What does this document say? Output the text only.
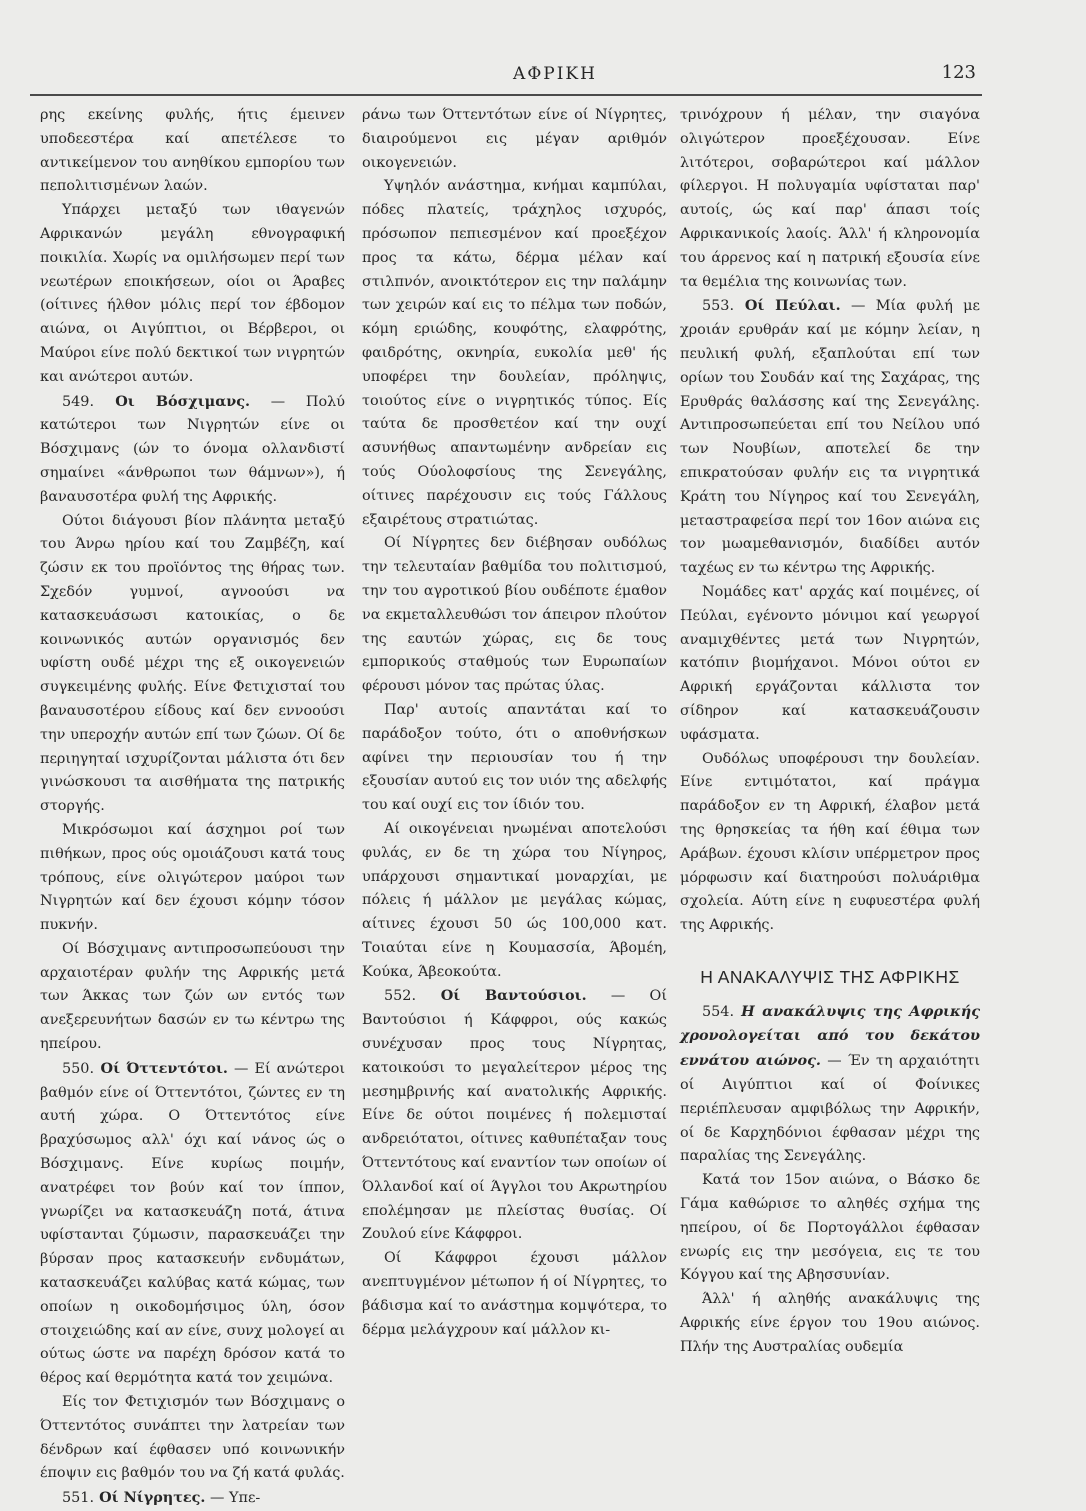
ΑΦΡΙΚΗ	123

ρης εκείνης φυλής, ήτις έμεινεν υποδεεστέρα καί απετέλεσε το αντικείμενον του ανηθίκου εμπορίου των πεπολιτισμένων λαών.

Υπάρχει μεταξύ των ιθαγενών Αφρικανών μεγάλη εθνογραφική ποικιλία. Χωρίς να ομιλήσωμεν περί των νεωτέρων εποικήσεων, οίοι οι Άραβες (οίτινες ήλθον μόλις περί τον έβδομον αιώνα, οι Αιγύπτιοι, οι Βέρβεροι, οι Μαύροι είνε πολύ δεκτικοί των νιγρητών και ανώτεροι αυτών.

549. Οι Βόσχιμανς. — Πολύ κατώτεροι των Νιγρητών είνε οι Βόσχιμανς (ών το όνομα ολλανδιστί σημαίνει «άνθρωποι των θάμνων»), ή βαναυσοτέρα φυλή της Αφρικής.

Ούτοι διάγουσι βίον πλάνητα μεταξύ του Άνρω ηρίου καί του Ζαμβέζη, καί ζώσιν εκ του προϊόντος της θήρας των. Σχεδόν γυμνοί, αγνοούσι να κατασκευάσωσι κατοικίας, ο δε κοινωνικός αυτών οργανισμός δεν υφίστη ουδέ μέχρι της εξ οικογενειών συγκειμένης φυλής. Είνε Φετιχισταί του βαναυσοτέρου είδους καί δεν εννοούσι την υπεροχήν αυτών επί των ζώων. Οί δε περιηγηταί ισχυρίζονται μάλιστα ότι δεν γινώσκουσι τα αισθήματα της πατρικής στοργής.

Μικρόσωμοι καί άσχημοι ροί των πιθήκων, προς ούς ομοιάζουσι κατά τους τρόπους, είνε ολιγώτερον μαύροι των Νιγρητών καί δεν έχουσι κόμην τόσον πυκνήν.

Οί Βόσχιμανς αντιπροσωπεύουσι την αρχαιοτέραν φυλήν της Αφρικής μετά των Άκκας των ζών ων εντός των ανεξερευνήτων δασών εν τω κέντρω της ηπείρου.

550. Οί Όττεντότοι. — Εί ανώτεροι βαθμόν είνε οί Όττεντότοι, ζώντες εν τη αυτή χώρα. Ο Όττεντότος είνε βραχύσωμος αλλ' όχι καί νάνος ώς ο Βόσχιμανς. Είνε κυρίως ποιμήν, ανατρέφει τον βούν καί τον ίππον, γνωρίζει να κατασκευάζη ποτά, άτινα υφίστανται ζύμωσιν, παρασκευάζει την βύρσαν προς κατασκευήν ενδυμάτων, κατασκευάζει καλύβας κατά κώμας, των οποίων η οικοδομήσιμος ύλη, όσον στοιχειώδης καί αν είνε, συνχ μολογεί αι ούτως ώστε να παρέχη δρόσον κατά το θέρος καί θερμότητα κατά τον χειμώνα.

Είς τον Φετιχισμόν των Βόσχιμανς ο Όττεντότος συνάπτει την λατρείαν των δένδρων καί έφθασεν υπό κοινωνικήν έποψιν εις βαθμόν του να ζή κατά φυλάς.

551. Οί Νίγρητες. — Υπε-

ράνω των Όττεντότων είνε οί Νίγρητες, διαιρούμενοι εις μέγαν αριθμόν οικογενειών.

Υψηλόν ανάστημα, κνήμαι καμπύλαι, πόδες πλατείς, τράχηλος ισχυρός, πρόσωπον πεπιεσμένον καί προεξέχον προς τα κάτω, δέρμα μέλαν καί στιλπνόν, ανοικτότερον εις την παλάμην των χειρών καί εις το πέλμα των ποδών, κόμη εριώδης, κουφότης, ελαφρότης, φαιδρότης, οκνηρία, ευκολία μεθ' ής υποφέρει την δουλείαν, πρόληψις, τοιούτος είνε ο νιγρητικός τύπος. Είς ταύτα δε προσθετέον καί την ουχί ασυνήθως απαντωμένην ανδρείαν εις τούς Ούολοφσίους της Σενεγάλης, οίτινες παρέχουσιν εις τούς Γάλλους εξαιρέτους στρατιώτας.

Οί Νίγρητες δεν διέβησαν ουδόλως την τελευταίαν βαθμίδα του πολιτισμού, την του αγροτικού βίου ουδέποτε έμαθον να εκμεταλλευθώσι τον άπειρον πλούτον της εαυτών χώρας, εις δε τους εμπορικούς σταθμούς των Ευρωπαίων φέρουσι μόνον τας πρώτας ύλας.

Παρ' αυτοίς απαντάται καί το παράδοξον τούτο, ότι ο αποθνήσκων αφίνει την περιουσίαν του ή την εξουσίαν αυτού εις τον υιόν της αδελφής του καί ουχί εις τον ίδιόν του.

Αί οικογένειαι ηνωμέναι αποτελούσι φυλάς, εν δε τη χώρα του Νίγηρος, υπάρχουσι σημαντικαί μοναρχίαι, με πόλεις ή μάλλον με μεγάλας κώμας, αίτινες έχουσι 50 ώς 100,000 κατ. Τοιαύται είνε η Κουμασσία, Άβομέη, Κούκα, Άβεοκούτα.

552. Οί Βαντούσιοι. — Οί Βαντούσιοι ή Κάφφροι, ούς κακώς συνέχυσαν προς τους Νίγρητας, κατοικούσι το μεγαλείτερον μέρος της μεσημβρινής καί ανατολικής Αφρικής. Είνε δε ούτοι ποιμένες ή πολεμισταί ανδρειότατοι, οίτινες καθυπέταξαν τους Όττεντότους καί εναντίον των οποίων οί Όλλανδοί καί οί Άγγλοι του Ακρωτηρίου επολέμησαν με πλείστας θυσίας. Οί Ζουλού είνε Κάφφροι.

Οί Κάφφροι έχουσι μάλλον ανεπτυγμένον μέτωπον ή οί Νίγρητες, το βάδισμα καί το ανάστημα κομψότερα, το δέρμα μελάγχρουν καί μάλλον κι-

τρινόχρουν ή μέλαν, την σιαγόνα ολιγώτερον προεξέχουσαν. Είνε λιτότεροι, σοβαρώτεροι καί μάλλον φίλεργοι. Η πολυγαμία υφίσταται παρ' αυτοίς, ώς καί παρ' άπασι τοίς Αφρικανικοίς λαοίς. Άλλ' ή κληρονομία του άρρενος καί η πατρική εξουσία είνε τα θεμέλια της κοινωνίας των.

553. Οί Πεύλαι. — Μία φυλή με χροιάν ερυθράν καί με κόμην λείαν, η πευλική φυλή, εξαπλούται επί των ορίων του Σουδάν καί της Σαχάρας, της Ερυθράς θαλάσσης καί της Σενεγάλης. Αντιπροσωπεύεται επί του Νείλου υπό των Νουβίων, αποτελεί δε την επικρατούσαν φυλήν εις τα νιγρητικά Κράτη του Νίγηρος καί του Σενεγάλη, μεταστραφείσα περί τον 16ον αιώνα εις τον μωαμεθανισμόν, διαδίδει αυτόν ταχέως εν τω κέντρω της Αφρικής.

Νομάδες κατ' αρχάς καί ποιμένες, οί Πεύλαι, εγένοντο μόνιμοι καί γεωργοί αναμιχθέντες μετά των Νιγρητών, κατόπιν βιομήχανοι. Μόνοι ούτοι εν Αφρική εργάζονται κάλλιστα τον σίδηρον καί κατασκευάζουσιν υφάσματα.

Ουδόλως υποφέρουσι την δουλείαν. Είνε εντιμότατοι, καί πράγμα παράδοξον εν τη Αφρική, έλαβον μετά της θρησκείας τα ήθη καί έθιμα των Αράβων. έχουσι κλίσιν υπέρμετρον προς μόρφωσιν καί διατηρούσι πολυάριθμα σχολεία. Αύτη είνε η ευφυεστέρα φυλή της Αφρικής.

Η ΑΝΑΚΑΛΥΨΙΣ ΤΗΣ ΑΦΡΙΚΗΣ

554. Η ανακάλυψις της Αφρικής χρονολογείται από του δεκάτου εννάτου αιώνος. — Έν τη αρχαιότητι οί Αιγύπτιοι καί οί Φοίνικες περιέπλευσαν αμφιβόλως την Αφρικήν, οί δε Καρχηδόνιοι έφθασαν μέχρι της παραλίας της Σενεγάλης.

Κατά τον 15ον αιώνα, ο Βάσκο δε Γάμα καθώρισε το αληθές σχήμα της ηπείρου, οί δε Πορτογάλλοι έφθασαν ενωρίς εις την μεσόγεια, εις τε του Κόγγου καί της Αβησσυνίαν.

Άλλ' ή αληθής ανακάλυψις της Αφρικής είνε έργον του 19ου αιώνος. Πλήν της Αυστραλίας ουδεμία
